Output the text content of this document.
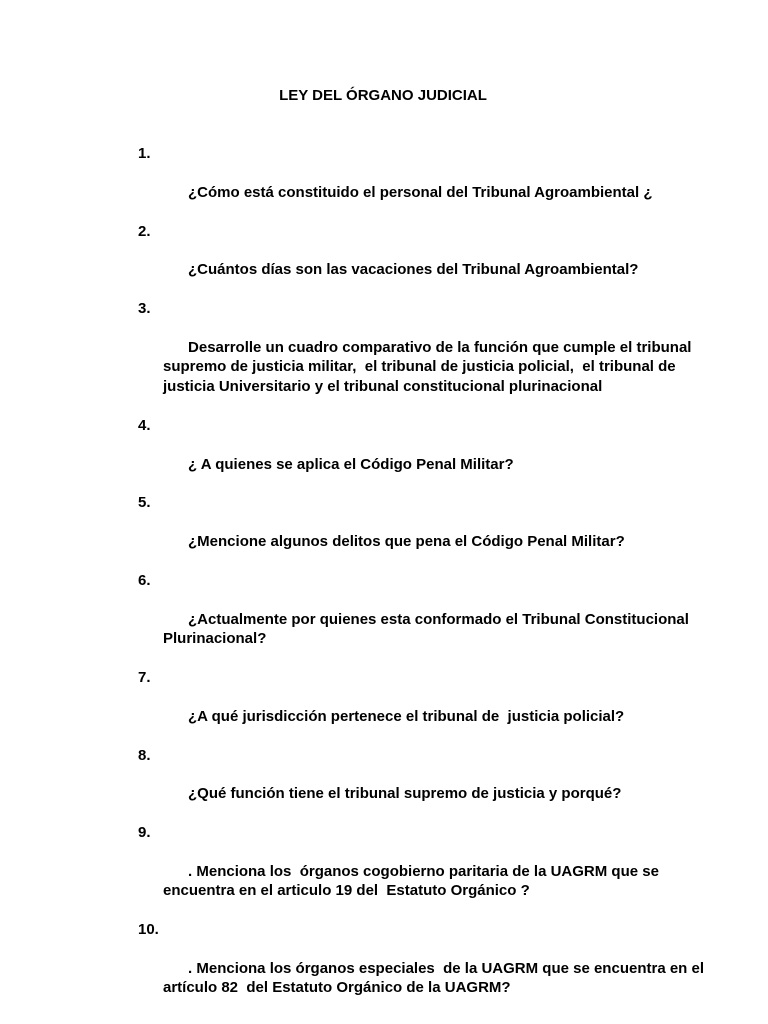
LEY DEL ÓRGANO JUDICIAL

1.

¿Cómo está constituido el personal del Tribunal Agroambiental ¿

2.

¿Cuántos días son las vacaciones del Tribunal Agroambiental?

3.

Desarrolle un cuadro comparativo de la función que cumple el tribunal supremo de justicia militar,  el tribunal de justicia policial,  el tribunal de justicia Universitario y el tribunal constitucional plurinacional

4.

¿ A quienes se aplica el Código Penal Militar?

5.

¿Mencione algunos delitos que pena el Código Penal Militar?

6.

¿Actualmente por quienes esta conformado el Tribunal Constitucional Plurinacional?

7.

¿A qué jurisdicción pertenece el tribunal de  justicia policial?

8.

¿Qué función tiene el tribunal supremo de justicia y porqué?

9.

. Menciona los  órganos cogobierno paritaria de la UAGRM que se encuentra en el articulo 19 del  Estatuto Orgánico ?

10.

. Menciona los órganos especiales  de la UAGRM que se encuentra en el artículo 82  del Estatuto Orgánico de la UAGRM?
